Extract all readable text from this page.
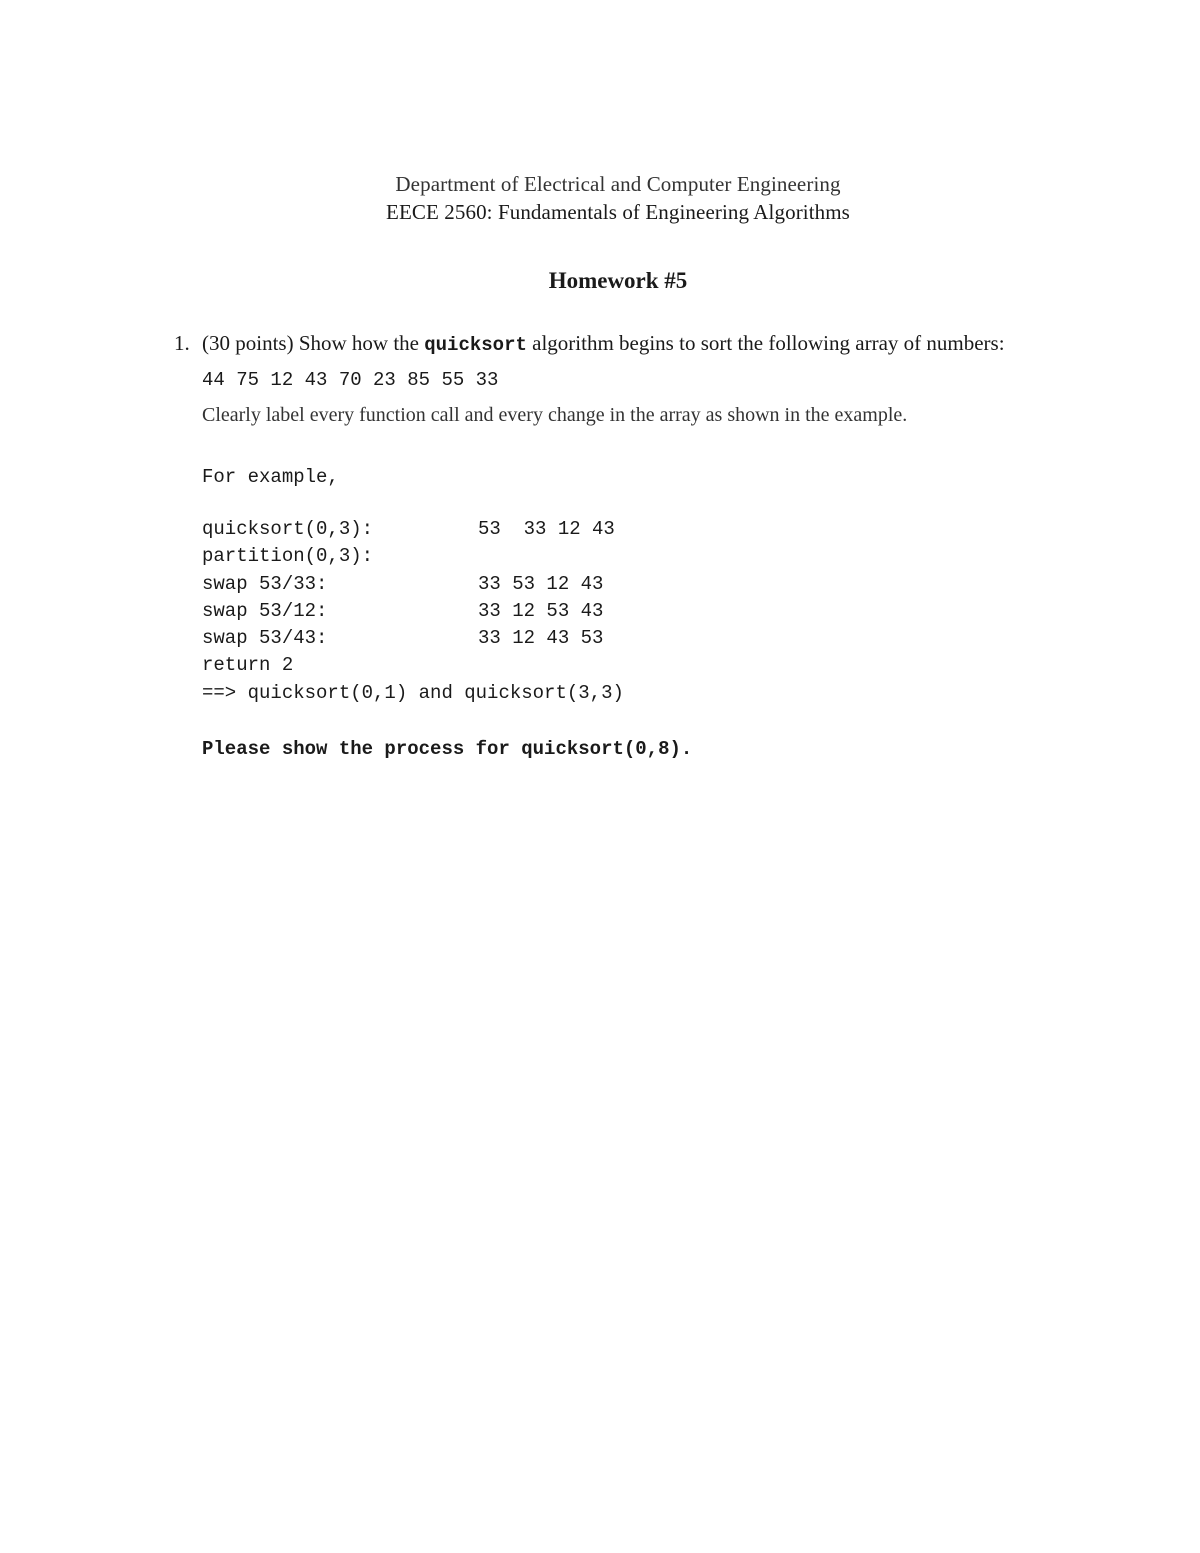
Department of Electrical and Computer Engineering
EECE 2560: Fundamentals of Engineering Algorithms
Homework #5
1. (30 points) Show how the quicksort algorithm begins to sort the following array of numbers:
44 75 12 43 70 23 85 55 33
Clearly label every function call and every change in the array as shown in the example.
For example,
quicksort(0,3):	53  33 12 43
partition(0,3):
swap 53/33:	33 53 12 43
swap 53/12:	33 12 53 43
swap 53/43:	33 12 43 53
return 2
==> quicksort(0,1) and quicksort(3,3)
Please show the process for quicksort(0,8).
